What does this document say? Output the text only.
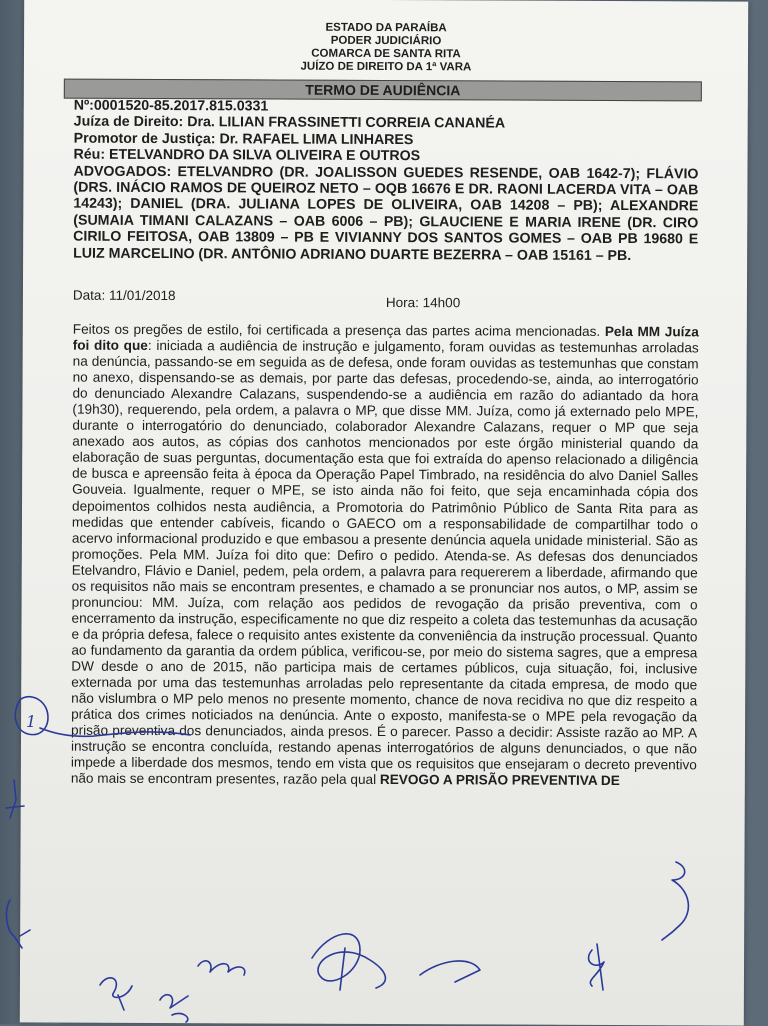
ESTADO DA PARAÍBA
PODER JUDICIÁRIO
COMARCA DE SANTA RITA
JUÍZO DE DIREITO DA 1ª VARA
TERMO DE AUDIÊNCIA
Nº:0001520-85.2017.815.0331
Juíza de Direito: Dra. LILIAN FRASSINETTI CORREIA CANANÉA
Promotor de Justiça: Dr. RAFAEL LIMA LINHARES
Réu: ETELVANDRO DA SILVA OLIVEIRA E OUTROS
ADVOGADOS: ETELVANDRO (DR. JOALISSON GUEDES RESENDE, OAB 1642-7); FLÁVIO (DRS. INÁCIO RAMOS DE QUEIROZ NETO – OQB 16676 E DR. RAONI LACERDA VITA – OAB 14243); DANIEL (DRA. JULIANA LOPES DE OLIVEIRA, OAB 14208 – PB); ALEXANDRE (SUMAIA TIMANI CALAZANS – OAB 6006 – PB); GLAUCIENE E MARIA IRENE (DR. CIRO CIRILO FEITOSA, OAB 13809 – PB E VIVIANNY DOS SANTOS GOMES – OAB PB 19680 E LUIZ MARCELINO (DR. ANTÔNIO ADRIANO DUARTE BEZERRA – OAB 15161 – PB.
Data: 11/01/2018	Hora: 14h00
Feitos os pregões de estilo, foi certificada a presença das partes acima mencionadas. Pela MM Juíza foi dito que: iniciada a audiência de instrução e julgamento, foram ouvidas as testemunhas arroladas na denúncia, passando-se em seguida as de defesa, onde foram ouvidas as testemunhas que constam no anexo, dispensando-se as demais, por parte das defesas, procedendo-se, ainda, ao interrogatório do denunciado Alexandre Calazans, suspendendo-se a audiência em razão do adiantado da hora (19h30), requerendo, pela ordem, a palavra o MP, que disse MM. Juíza, como já externado pelo MPE, durante o interrogatório do denunciado, colaborador Alexandre Calazans, requer o MP que seja anexado aos autos, as cópias dos canhotos mencionados por este órgão ministerial quando da elaboração de suas perguntas, documentação esta que foi extraída do apenso relacionado a diligência de busca e apreensão feita à época da Operação Papel Timbrado, na residência do alvo Daniel Salles Gouveia. Igualmente, requer o MPE, se isto ainda não foi feito, que seja encaminhada cópia dos depoimentos colhidos nesta audiência, a Promotoria do Patrimônio Público de Santa Rita para as medidas que entender cabíveis, ficando o GAECO om a responsabilidade de compartilhar todo o acervo informacional produzido e que embasou a presente denúncia aquela unidade ministerial. São as promoções. Pela MM. Juíza foi dito que: Defiro o pedido. Atenda-se. As defesas dos denunciados Etelvandro, Flávio e Daniel, pedem, pela ordem, a palavra para requererem a liberdade, afirmando que os requisitos não mais se encontram presentes, e chamado a se pronunciar nos autos, o MP, assim se pronunciou: MM. Juíza, com relação aos pedidos de revogação da prisão preventiva, com o encerramento da instrução, especificamente no que diz respeito a coleta das testemunhas da acusação e da própria defesa, falece o requisito antes existente da conveniência da instrução processual. Quanto ao fundamento da garantia da ordem pública, verificou-se, por meio do sistema sagres, que a empresa DW desde o ano de 2015, não participa mais de certames públicos, cuja situação, foi, inclusive externada por uma das testemunhas arroladas pelo representante da citada empresa, de modo que não vislumbra o MP pelo menos no presente momento, chance de nova recidiva no que diz respeito a prática dos crimes noticiados na denúncia. Ante o exposto, manifesta-se o MPE pela revogação da prisão preventiva dos denunciados, ainda presos. É o parecer. Passo a decidir: Assiste razão ao MP. A instrução se encontra concluída, restando apenas interrogatórios de alguns denunciados, o que não impede a liberdade dos mesmos, tendo em vista que os requisitos que ensejaram o decreto preventivo não mais se encontram presentes, razão pela qual REVOGO A PRISÃO PREVENTIVA DE
1
